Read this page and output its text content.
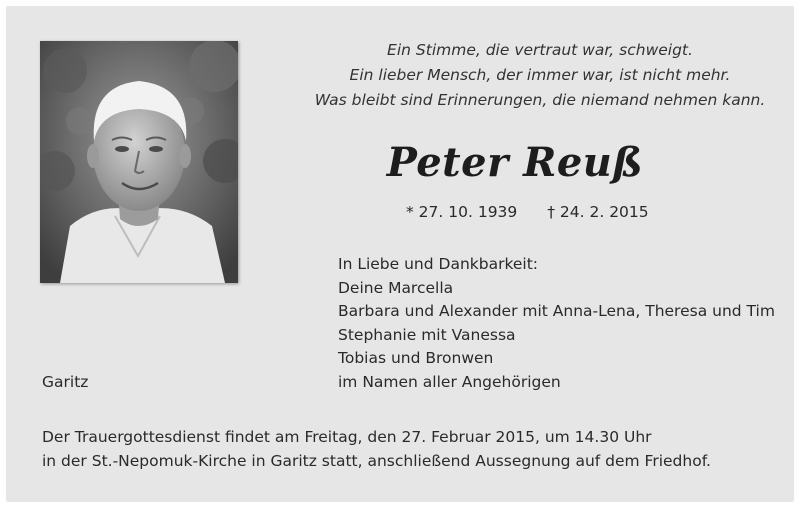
Ein Stimme, die vertraut war, schweigt.
Ein lieber Mensch, der immer war, ist nicht mehr.
Was bleibt sind Erinnerungen, die niemand nehmen kann.
Peter Reuß
* 27. 10. 1939 † 24. 2. 2015
In Liebe und Dankbarkeit:
Deine Marcella
Barbara und Alexander mit Anna-Lena, Theresa und Tim
Stephanie mit Vanessa
Tobias und Bronwen
im Namen aller Angehörigen
Garitz
Der Trauergottesdienst findet am Freitag, den 27. Februar 2015, um 14.30 Uhr
in der St.-Nepomuk-Kirche in Garitz statt, anschließend Aussegnung auf dem Friedhof.
